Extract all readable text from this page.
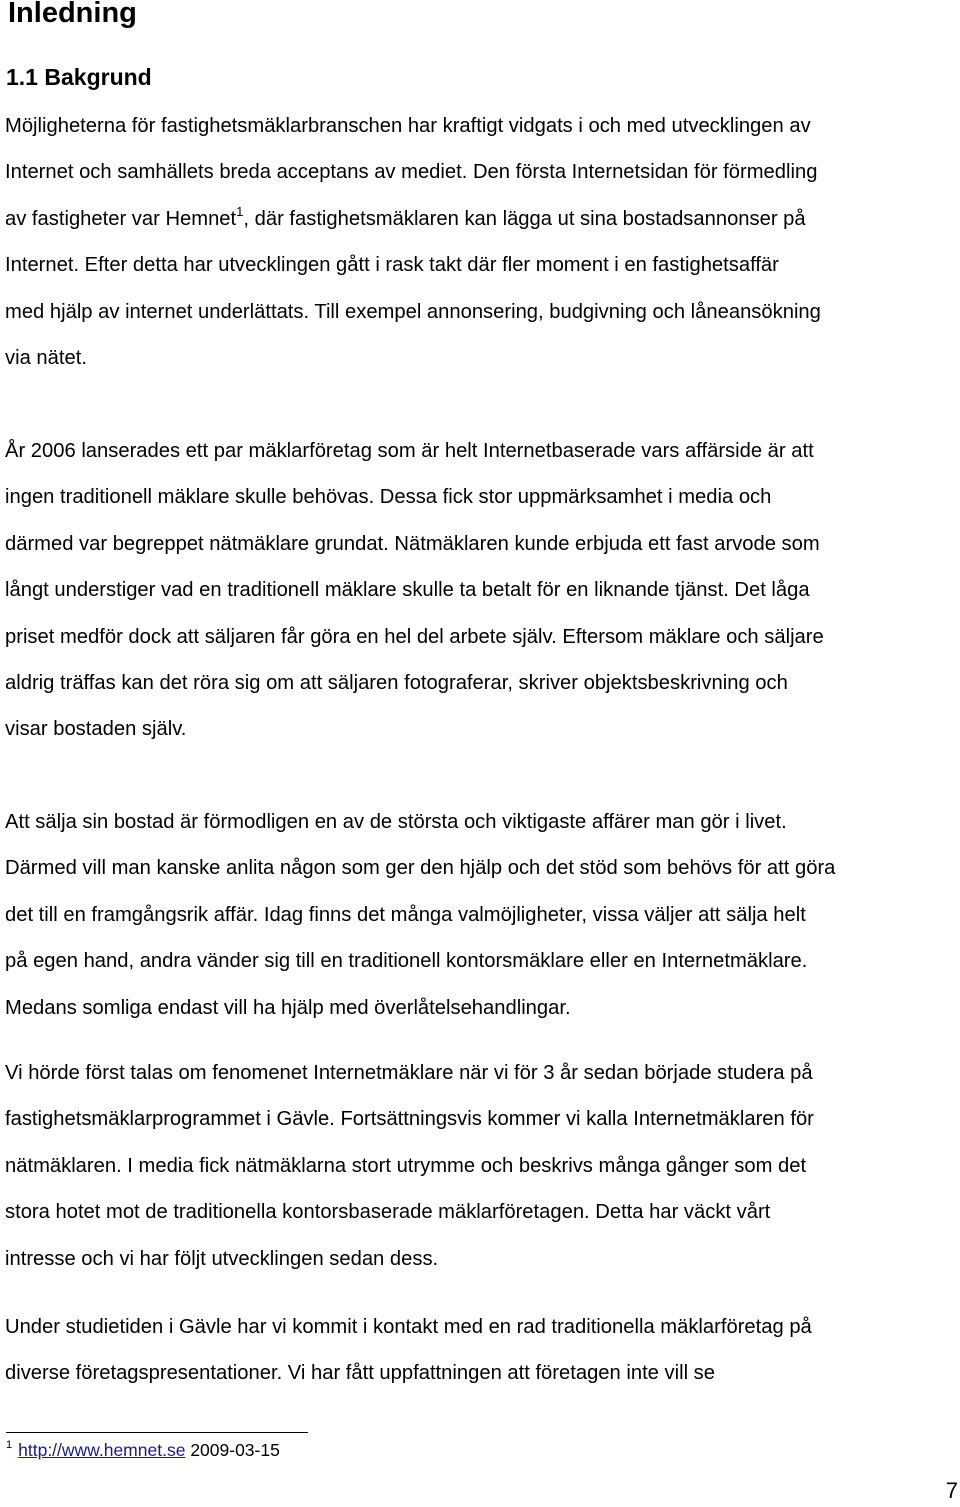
Inledning
1.1 Bakgrund
Möjligheterna för fastighetsmäklarbranschen har kraftigt vidgats i och med utvecklingen av
Internet och samhällets breda acceptans av mediet. Den första Internetsidan för förmedling
av fastigheter var Hemnet$^1$, där fastighetsmäklaren kan lägga ut sina bostadsannonser på
Internet. Efter detta har utvecklingen gått i rask takt där fler moment i en fastighetsaffär
med hjälp av internet underlättats. Till exempel annonsering, budgivning och låneansökning
via nätet.
År 2006 lanserades ett par mäklarföretag som är helt Internetbaserade vars affärside är att
ingen traditionell mäklare skulle behövas. Dessa fick stor uppmärksamhet i media och
därmed var begreppet nätmäklare grundat. Nätmäklaren kunde erbjuda ett fast arvode som
långt understiger vad en traditionell mäklare skulle ta betalt för en liknande tjänst. Det låga
priset medför dock att säljaren får göra en hel del arbete själv. Eftersom mäklare och säljare
aldrig träffas kan det röra sig om att säljaren fotograferar, skriver objektsbeskrivning och
visar bostaden själv.
Att sälja sin bostad är förmodligen en av de största och viktigaste affärer man gör i livet.
Därmed vill man kanske anlita någon som ger den hjälp och det stöd som behövs för att göra
det till en framgångsrik affär. Idag finns det många valmöjligheter, vissa väljer att sälja helt
på egen hand, andra vänder sig till en traditionell kontorsmäklare eller en Internetmäklare.
Medans somliga endast vill ha hjälp med överlåtelsehandlingar.
Vi hörde först talas om fenomenet Internetmäklare när vi för 3 år sedan började studera på
fastighetsmäklarprogrammet i Gävle. Fortsättningsvis kommer vi kalla Internetmäklaren för
nätmäklaren. I media fick nätmäklarna stort utrymme och beskrivs många gånger som det
stora hotet mot de traditionella kontorsbaserade mäklarföretagen. Detta har väckt vårt
intresse och vi har följt utvecklingen sedan dess.
Under studietiden i Gävle har vi kommit i kontakt med en rad traditionella mäklarföretag på
diverse företagspresentationer. Vi har fått uppfattningen att företagen inte vill se
$^1$ http://www.hemnet.se 2009-03-15
7
